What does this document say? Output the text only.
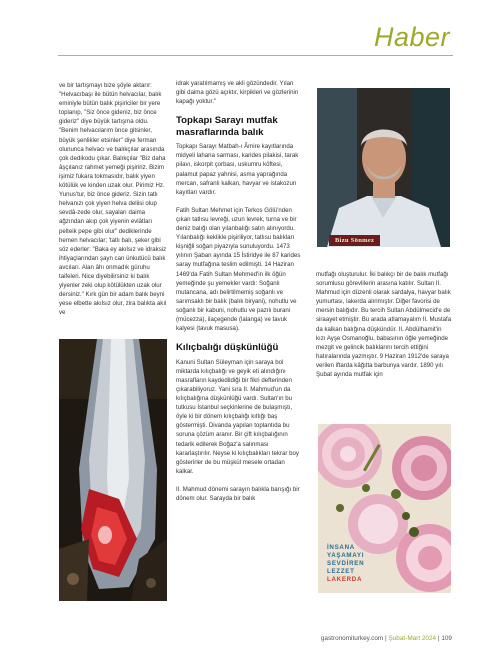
Haber

ve bir tartışmayı bize şöyle aktarır: "Helvacıbaşı ile bütün helvacılar, balık eminiyle bütün balık pişiriciler bir yere toplanıp, "Siz önce gideniz, biz önce gideriz" diye büyük tartışma oldu. "Benim helvacılarım önce gitsinler, büyük şenlikler etsinler" diye ferman olununca helvacı ve balıkçılar arasında çok dedikodu çıkar. Balıkçılar "Biz daha âşçılanız rahmet yemeği pişiririz. Bizim işimiz fukara tokmasıdır, balık yiyen kötülük ve kinden uzak olur. Pirimiz Hz. Yunus'tur, biz önce gideriz. Sizin tatlı helvanızı çok yiyen helva deliisi olup sevdâ-zede olur, sayaları daima ağzından akıp çok yiyenin evlâtları pelteik pepe gibi olur" dediklerinde hemen helvacılar; 'tatlı balı, şeker gibi söz ederler: "Baka ey akılsız ve idraksiz ihtiyaçlarından şayn can ünkutücü balık avcıları. Alan âhı onmadık güruhu taifeleri. Nice diyebilirsiniz ki balık yiyenler zeki olup kötülükten uzak olur dersiniz." Kırk gün bir adam balık beyni yese elbette akılsız olur, zira balıkta akıl ve

idrak yaratılmamış ve akli gözündedir. Yılan gibi daima gözü açıktır, kirpikleri ve gözlerinin kapağı yoktur."

Topkapı Sarayı mutfak masraflarında balık

Topkapı Sarayı Matbah-ı Âmire kayıtlarında midyeli lahana sarması, karides pilakisi, tarak pilavı, iskorpit çorbası, uskumru köftesi, palamut papaz yahnisi, asma yaprağında mercan, safranlı kalkan, havyar ve istakozun kayıtları vardır.

Fatih Sultan Mehmet için Terkos Gölü'nden çıkan tatlısu levreği, uzun levrek, turna ve bir deniz balığı olan yılanbalığı satın alınıyordu. Yılanbalığı keklikle pişiriliyor, tatlısu balıkları kişniğli soğan piyazıyla sunuluyordu. 1473 yılının Şaban ayında 15 İstiridye ile 87 karides saray mutfağına teslim edilmişti. 14 Haziran 1469'da Fatih Sultan Mehmed'in ilk öğün yemeğinde şu yemekler vardı: Soğanlı mutancana, adı belirtilmemiş soğanlı ve sarımsaklı bir balık (balık biryani), nohutlu ve soğanlı bir kabuni, nohutlu ve pazılı burani (mücezza), ilaçegende (lalanga) ve tavuk kalyesi (tavuk masusa).

Kılıçbalığı düşkünlüğü

Kanuni Sultan Süleyman için saraya bol miktarda kılıçbalığı ve geyik eti alındığını masrafların kaydedildiği bir fikri defterinden çıkarabiliyoruz. Yani sıra II. Mahmud'un da kılıçbalığına düşkünlüğü vardı. Sultan'ın bu tutkusu İstanbul seçkinlerine de bulaşmıştı, öyle ki bir dönem kılıçbalığı kıtlığı baş göstermişti. Divanda yapılan toplantıda bu soruna çözüm aranır. Bir çift kılıçbalığının tedarik edilerek Boğaz'a salınması kararlaştırılır. Neyse ki kılıçbalıkları tekrar boy gösterirler de bu müşkül mesele ortadan kalkar.

II. Mahmud dönemi sarayın balıkla barışığı bir dönem olur. Sarayda bir balık

Bizu Sönmez

mutfağı oluşturulur. İki balıkçı bir de balık mutfağı sorumlusu görevlilerin arasına katılır. Sultan II. Mahmud için düzenli olarak sardalya, havyar balık yumurtası, lakerda alınmıştır. Diğer favorisi de mersin balığıdır. Bu tercih Sultan Abdülmecid'e de siraayet etmiştir. Bu arada atlamayalım II. Mustafa da kalkan balığına düşkündür. II. Abdülhamit'in kızı Ayşe Osmanoğlu, babasının öğle yemeğinde mezgit ve gelincik balıklarını tercih ettiğini hatıralarında yazmıştır. 9 Haziran 1912'de saraya verilen iftarda kâğıtta barbunya vardır. 1890 yılı Şubat ayında mutfak için

İNSANA
YAŞAMAYI
SEVDİREN
LEZZET
LAKERDA
gastronomiturkey.com | Şubat-Mart 2024 | 109
